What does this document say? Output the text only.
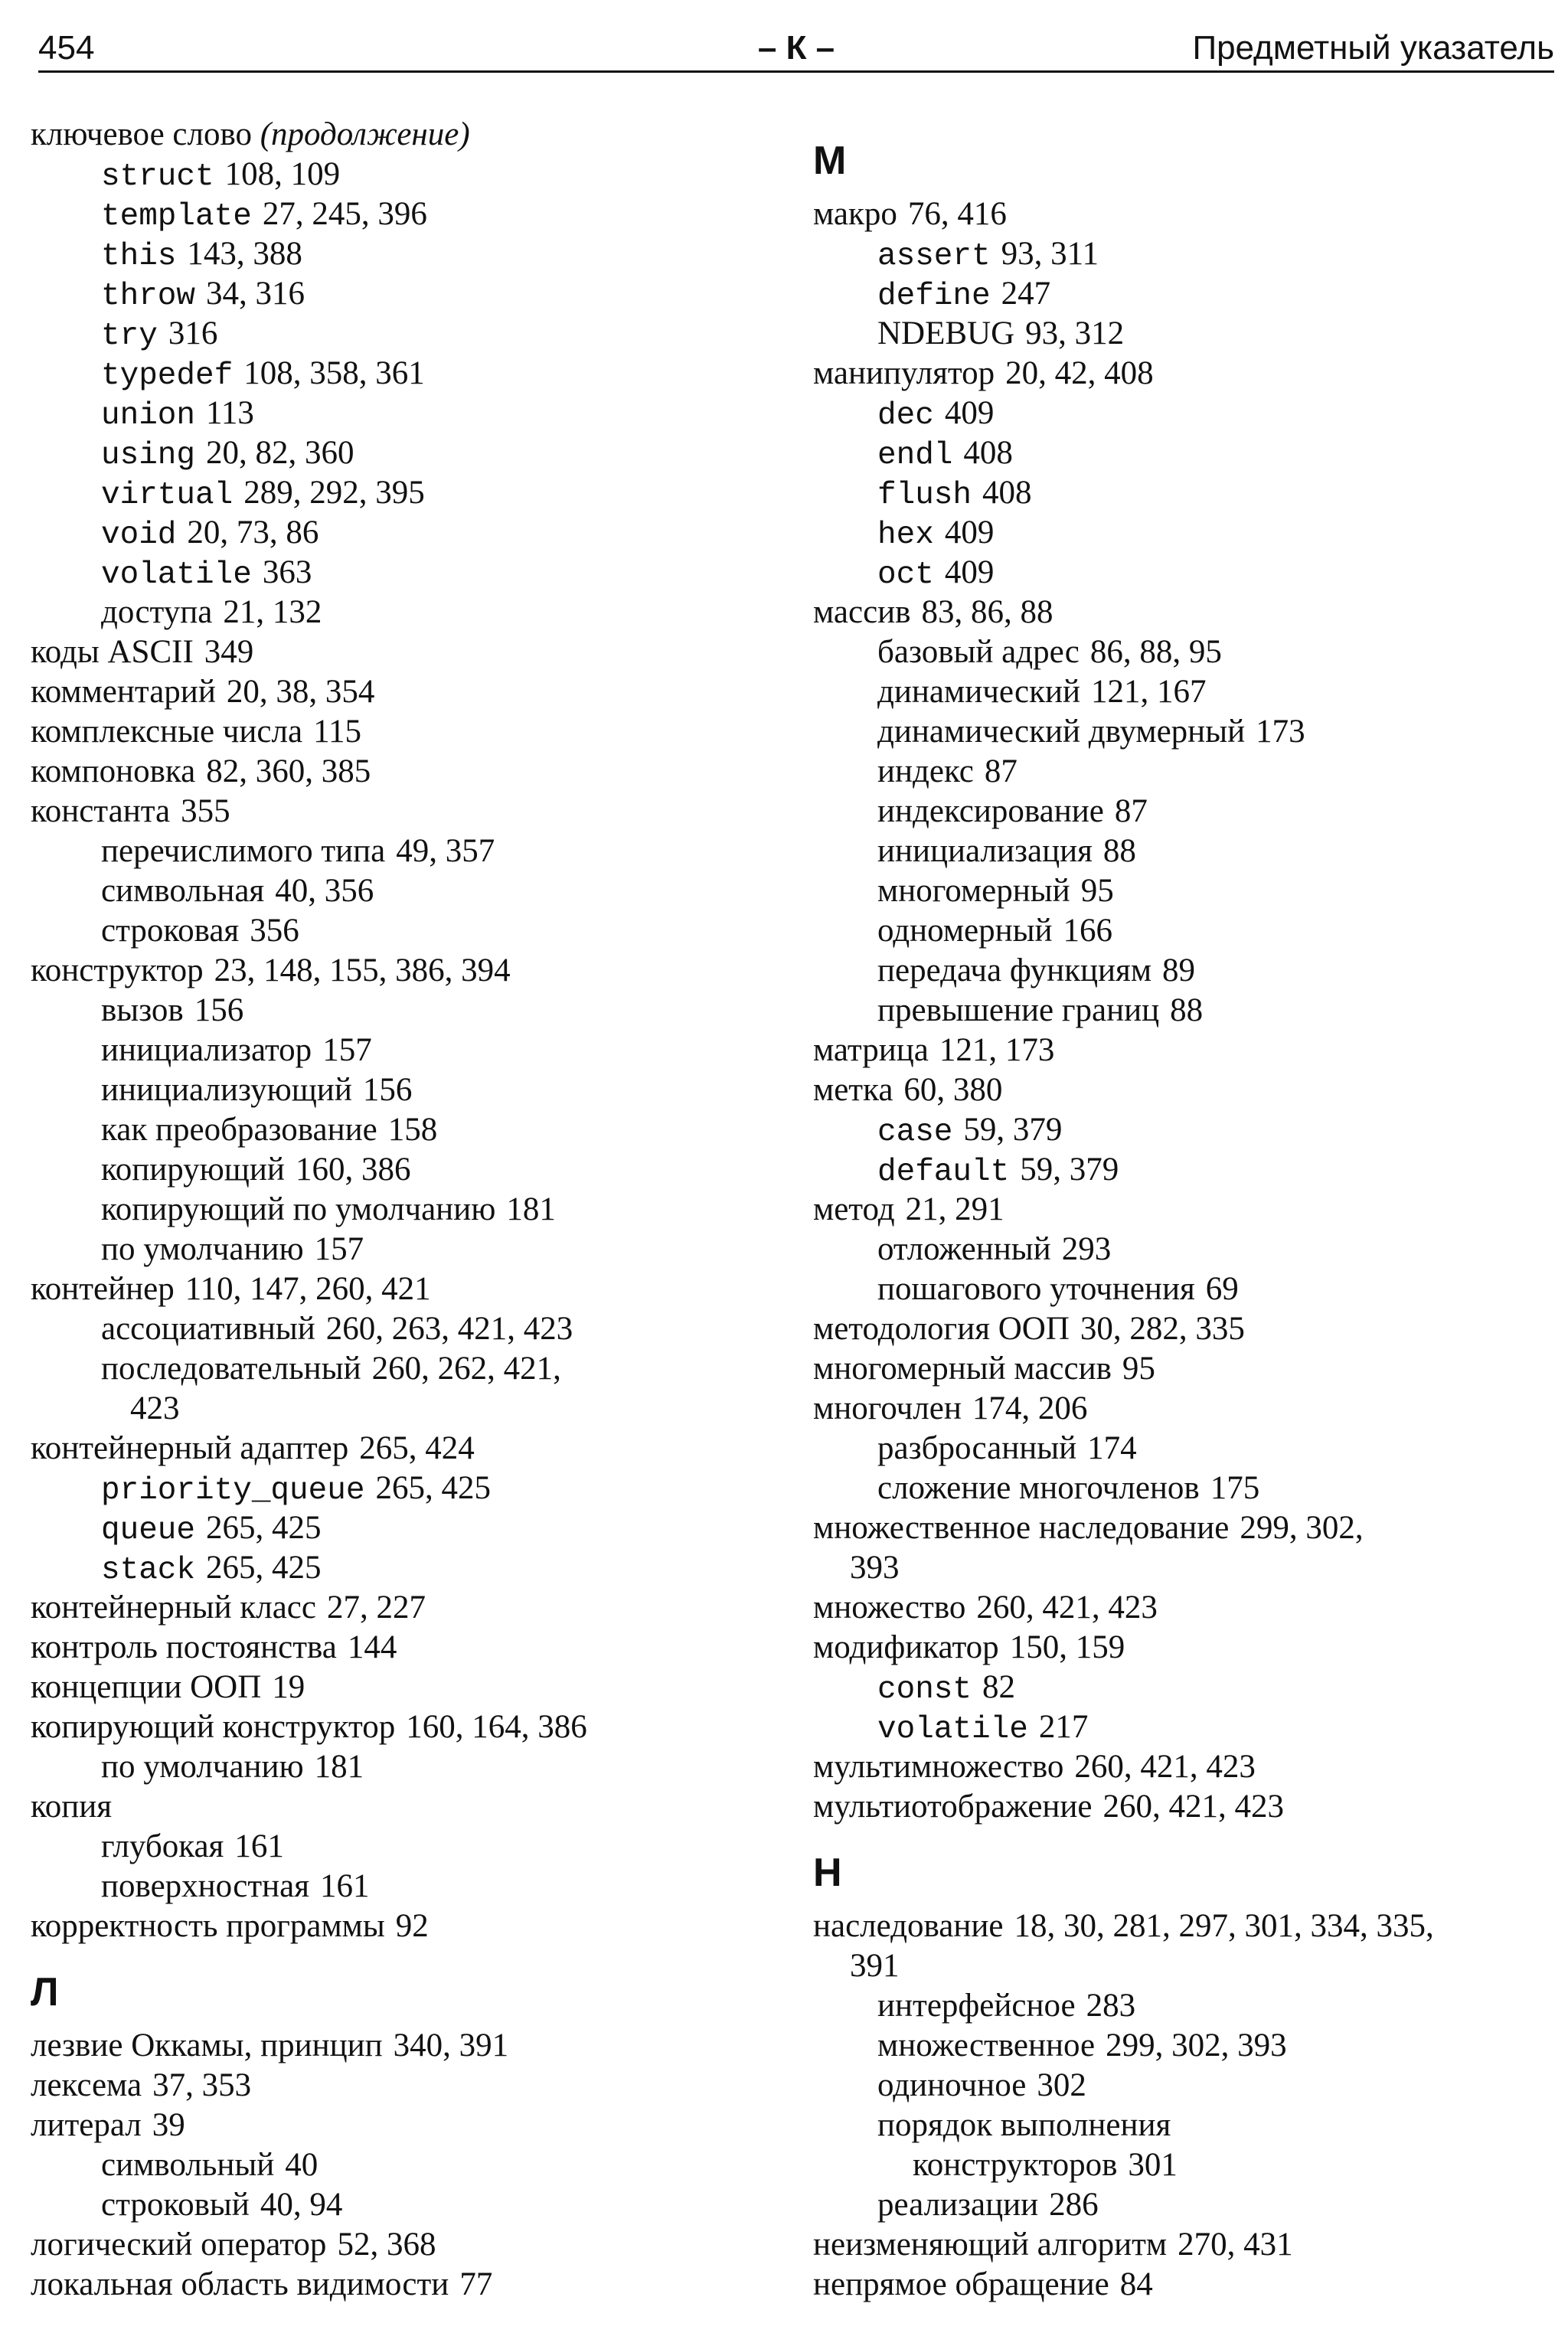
454	– К –	Предметный указатель
ключевое слово (продолжение)
struct 108, 109
template 27, 245, 396
this 143, 388
throw 34, 316
try 316
typedef 108, 358, 361
union 113
using 20, 82, 360
virtual 289, 292, 395
void 20, 73, 86
volatile 363
доступа 21, 132
коды ASCII 349
комментарий 20, 38, 354
комплексные числа 115
компоновка 82, 360, 385
константа 355
перечислимого типа 49, 357
символьная 40, 356
строковая 356
конструктор 23, 148, 155, 386, 394
вызов 156
инициализатор 157
инициализующий 156
как преобразование 158
копирующий 160, 386
копирующий по умолчанию 181
по умолчанию 157
контейнер 110, 147, 260, 421
ассоциативный 260, 263, 421, 423
последовательный 260, 262, 421,
423
контейнерный адаптер 265, 424
priority_queue 265, 425
queue 265, 425
stack 265, 425
контейнерный класс 27, 227
контроль постоянства 144
концепции ООП 19
копирующий конструктор 160, 164, 386
по умолчанию 181
копия
глубокая 161
поверхностная 161
корректность программы 92
Л
лезвие Оккамы, принцип 340, 391
лексема 37, 353
литерал 39
символьный 40
строковый 40, 94
логический оператор 52, 368
локальная область видимости 77
М
макро 76, 416
assert 93, 311
define 247
NDEBUG 93, 312
манипулятор 20, 42, 408
dec 409
endl 408
flush 408
hex 409
oct 409
массив 83, 86, 88
базовый адрес 86, 88, 95
динамический 121, 167
динамический двумерный 173
индекс 87
индексирование 87
инициализация 88
многомерный 95
одномерный 166
передача функциям 89
превышение границ 88
матрица 121, 173
метка 60, 380
case 59, 379
default 59, 379
метод 21, 291
отложенный 293
пошагового уточнения 69
методология ООП 30, 282, 335
многомерный массив 95
многочлен 174, 206
разбросанный 174
сложение многочленов 175
множественное наследование 299, 302,
393
множество 260, 421, 423
модификатор 150, 159
const 82
volatile 217
мультимножество 260, 421, 423
мультиотображение 260, 421, 423
Н
наследование 18, 30, 281, 297, 301, 334, 335,
391
интерфейсное 283
множественное 299, 302, 393
одиночное 302
порядок выполнения
конструкторов 301
реализации 286
неизменяющий алгоритм 270, 431
непрямое обращение 84
